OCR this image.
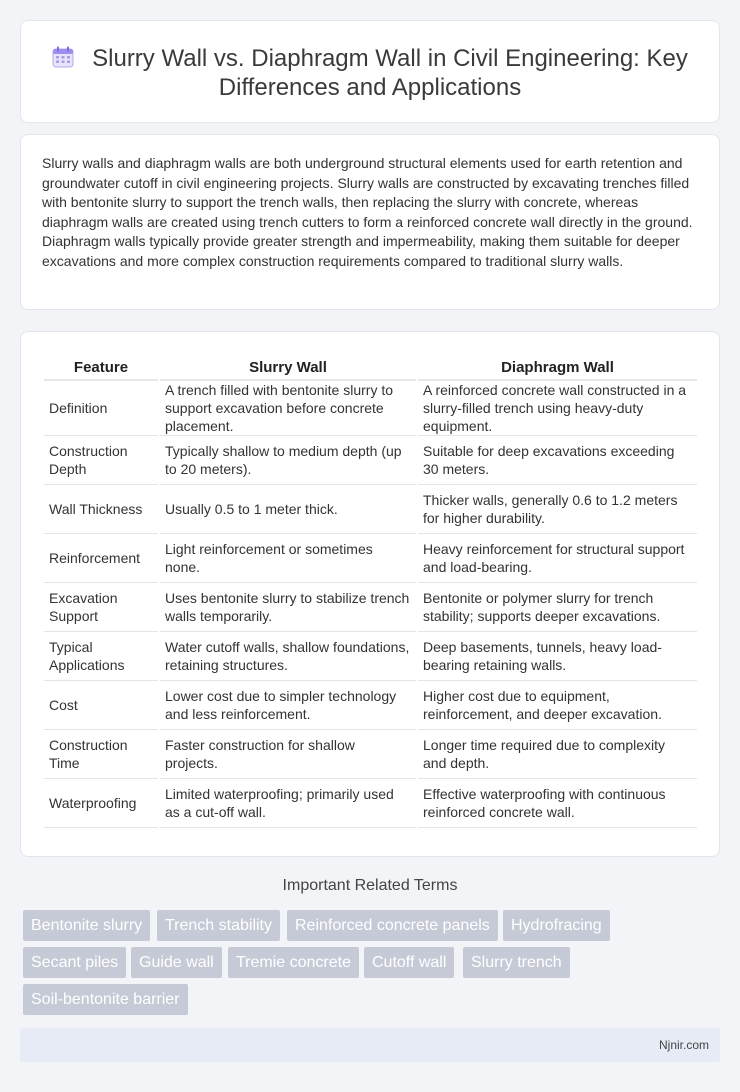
Slurry Wall vs. Diaphragm Wall in Civil Engineering: Key Differences and Applications

Slurry walls and diaphragm walls are both underground structural elements used for earth retention and groundwater cutoff in civil engineering projects. Slurry walls are constructed by excavating trenches filled with bentonite slurry to support the trench walls, then replacing the slurry with concrete, whereas diaphragm walls are created using trench cutters to form a reinforced concrete wall directly in the ground. Diaphragm walls typically provide greater strength and impermeability, making them suitable for deeper excavations and more complex construction requirements compared to traditional slurry walls.

Feature	Slurry Wall	Diaphragm Wall
Definition	A trench filled with bentonite slurry to support excavation before concrete placement.	A reinforced concrete wall constructed in a slurry-filled trench using heavy-duty equipment.
Construction Depth	Typically shallow to medium depth (up to 20 meters).	Suitable for deep excavations exceeding 30 meters.
Wall Thickness	Usually 0.5 to 1 meter thick.	Thicker walls, generally 0.6 to 1.2 meters for higher durability.
Reinforcement	Light reinforcement or sometimes none.	Heavy reinforcement for structural support and load-bearing.
Excavation Support	Uses bentonite slurry to stabilize trench walls temporarily.	Bentonite or polymer slurry for trench stability; supports deeper excavations.
Typical Applications	Water cutoff walls, shallow foundations, retaining structures.	Deep basements, tunnels, heavy load-bearing retaining walls.
Cost	Lower cost due to simpler technology and less reinforcement.	Higher cost due to equipment, reinforcement, and deeper excavation.
Construction Time	Faster construction for shallow projects.	Longer time required due to complexity and depth.
Waterproofing	Limited waterproofing; primarily used as a cut-off wall.	Effective waterproofing with continuous reinforced concrete wall.
Important Related Terms
Bentonite slurry	Trench stability	Reinforced concrete panels	Hydrofracing
Secant piles	Guide wall	Tremie concrete	Cutoff wall	Slurry trench
Soil-bentonite barrier
Njnir.com
